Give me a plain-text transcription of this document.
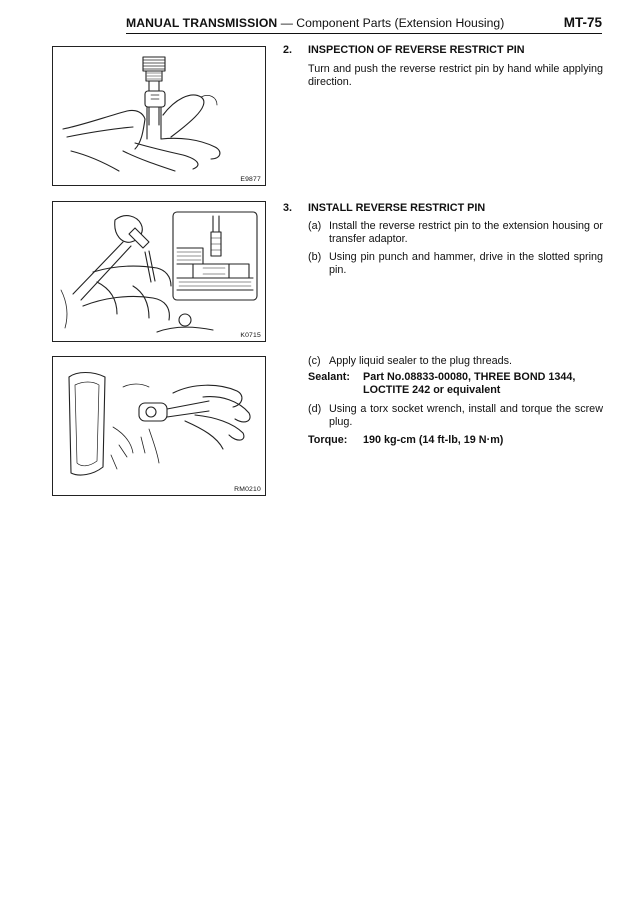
MANUAL TRANSMISSION — Component Parts (Extension Housing)	MT-75
E9877
K0715
RM0210
2. INSPECTION OF REVERSE RESTRICT PIN
Turn and push the reverse restrict pin by hand while applying direction.
3. INSTALL REVERSE RESTRICT PIN
(a) Install the reverse restrict pin to the extension housing or transfer adaptor.
(b) Using pin punch and hammer, drive in the slotted spring pin.
(c) Apply liquid sealer to the plug threads.
Sealant: Part No.08833-00080, THREE BOND 1344, LOCTITE 242 or equivalent
(d) Using a torx socket wrench, install and torque the screw plug.
Torque: 190 kg-cm (14 ft-lb, 19 N·m)
